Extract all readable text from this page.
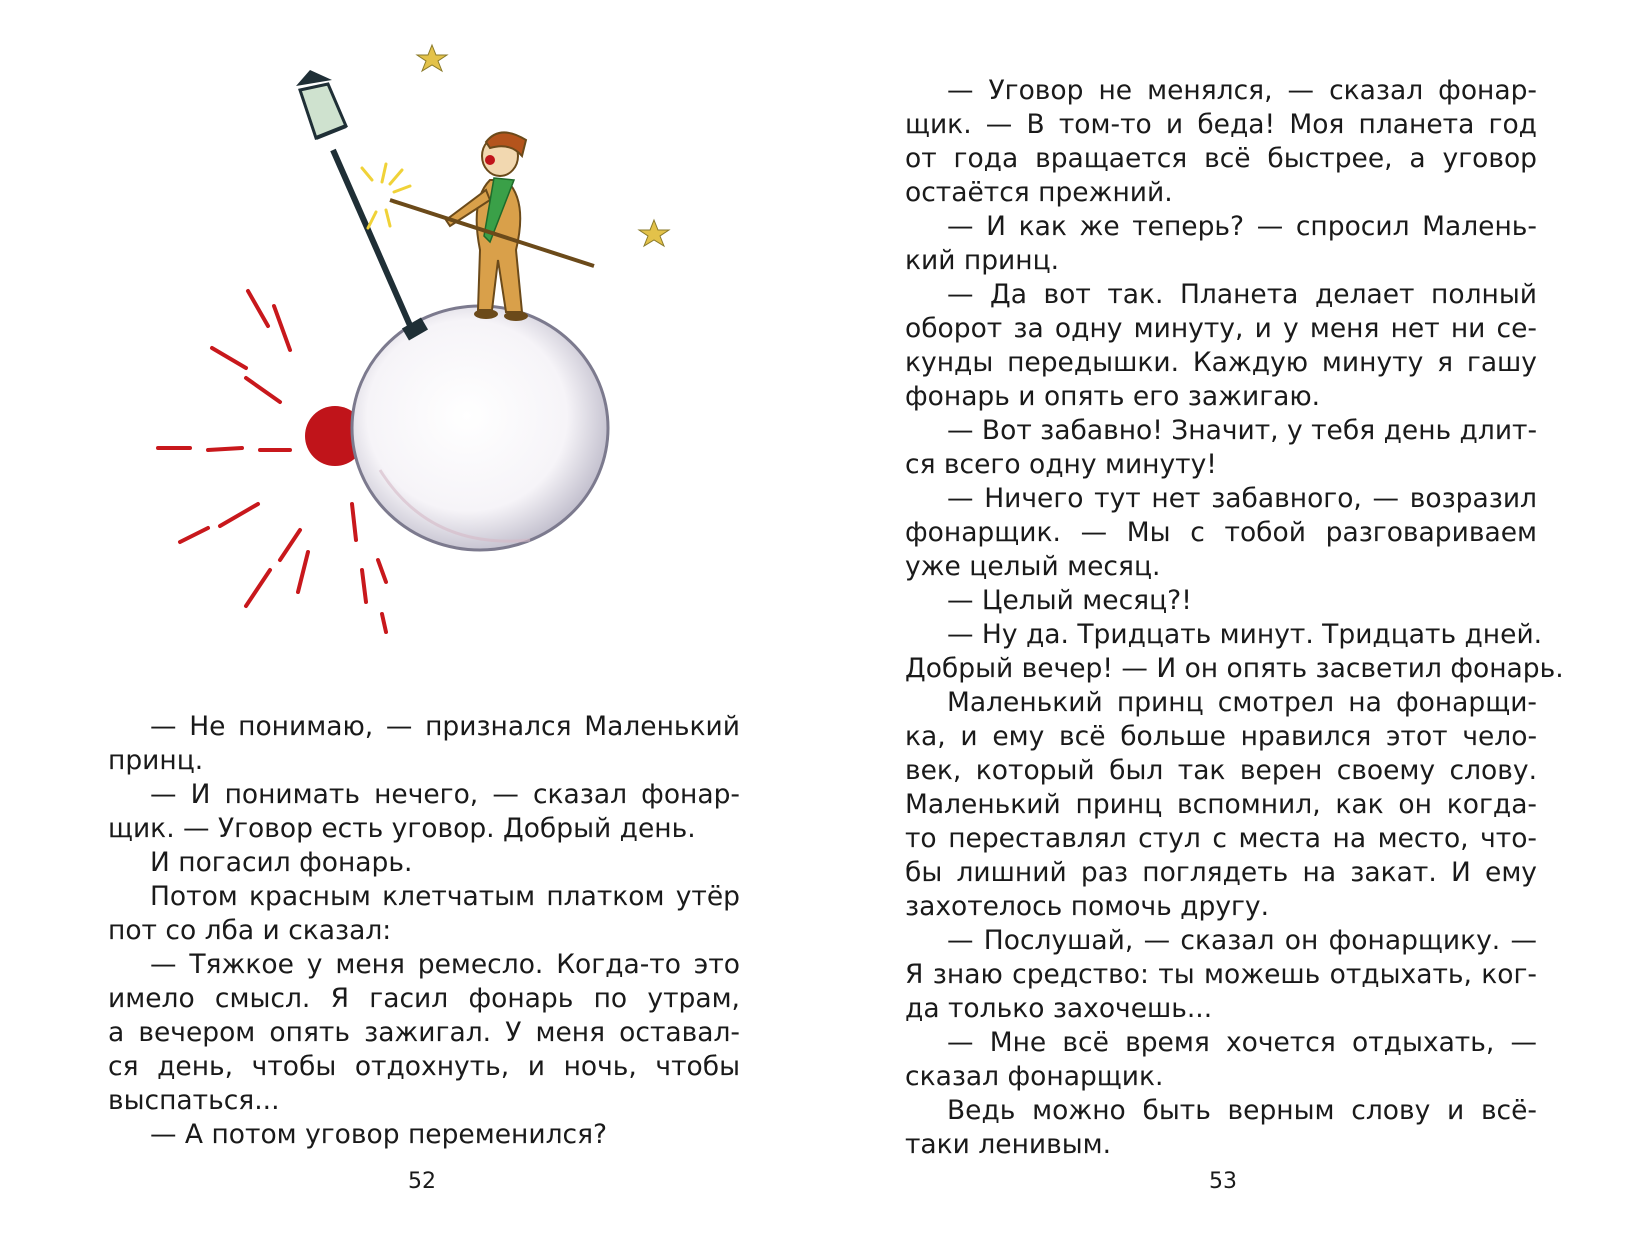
— Не понимаю, — признался Маленький
принц.
— И понимать нечего, — сказал фонар-
щик. — Уговор есть уговор. Добрый день.
И погасил фонарь.
Потом красным клетчатым платком утёр
пот со лба и сказал:
— Тяжкое у меня ремесло. Когда-то это
имело смысл. Я гасил фонарь по утрам,
а вечером опять зажигал. У меня остaвал-
ся день, чтобы отдохнуть, и ночь, чтобы
выспаться...
— А потом уговор переменился?
52
— Уговор не менялся, — сказал фонар-
щик. — В том-то и беда! Моя планета год
от года вращается всё быстрее, а уговор
остаётся прежний.
— И как же теперь? — спросил Малень-
кий принц.
— Да вот так. Планета делает полный
оборот за одну минуту, и у меня нет ни се-
кунды передышки. Каждую минуту я гашу
фонарь и опять его зажигаю.
— Вот забавно! Значит, у тебя день длит-
ся всего одну минуту!
— Ничего тут нет забавного, — возразил
фонарщик. — Мы с тобой разговариваем
уже целый месяц.
— Целый месяц?!
— Ну да. Тридцать минут. Тридцать дней.
Добрый вечер! — И он опять засветил фонарь.
Маленький принц смотрел на фонарщи-
ка, и ему всё больше нравился этот чело-
век, который был так верен своему слову.
Маленький принц вспомнил, как он когда-
то переставлял стул с места на место, что-
бы лишний раз поглядеть на закат. И ему
захотелось помочь другу.
— Послушай, — сказал он фонарщику. —
Я знаю средство: ты можешь отдыхать, ког-
да только захочешь...
— Мне всё время хочется отдыхать, —
сказал фонарщик.
Ведь можно быть верным слову и всё-
таки ленивым.
53
